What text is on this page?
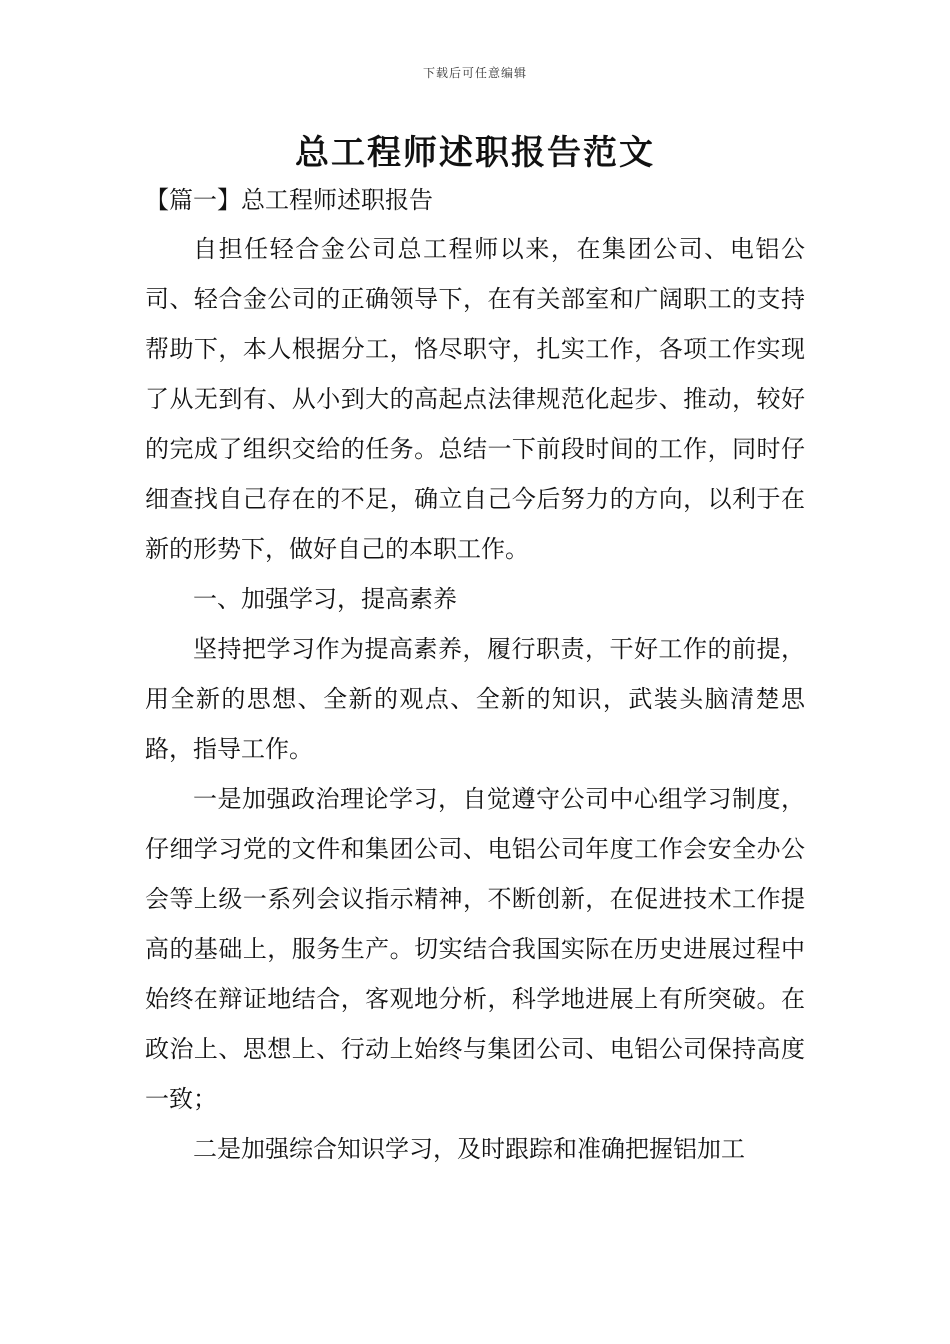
下载后可任意编辑
总工程师述职报告范文
【篇一】总工程师述职报告

自担任轻合金公司总工程师以来，在集团公司、电铝公司、轻合金公司的正确领导下，在有关部室和广阔职工的支持帮助下，本人根据分工，恪尽职守，扎实工作，各项工作实现了从无到有、从小到大的高起点法律规范化起步、推动，较好的完成了组织交给的任务。总结一下前段时间的工作，同时仔细查找自己存在的不足，确立自己今后努力的方向，以利于在新的形势下，做好自己的本职工作。

一、加强学习，提高素养

坚持把学习作为提高素养，履行职责，干好工作的前提，用全新的思想、全新的观点、全新的知识，武装头脑清楚思路，指导工作。

一是加强政治理论学习，自觉遵守公司中心组学习制度，仔细学习党的文件和集团公司、电铝公司年度工作会安全办公会等上级一系列会议指示精神，不断创新，在促进技术工作提高的基础上，服务生产。切实结合我国实际在历史进展过程中始终在辩证地结合，客观地分析，科学地进展上有所突破。在政治上、思想上、行动上始终与集团公司、电铝公司保持高度一致；

二是加强综合知识学习，及时跟踪和准确把握铝加工
